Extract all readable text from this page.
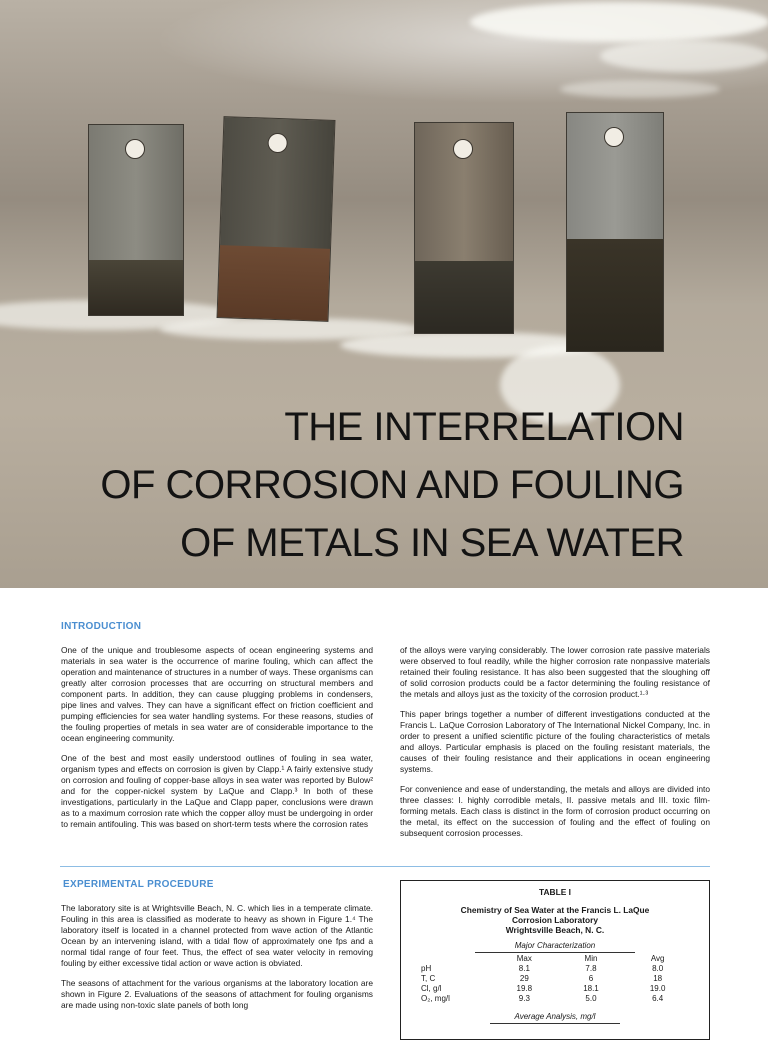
THE INTERRELATION
OF CORROSION AND FOULING
OF METALS IN SEA WATER
INTRODUCTION

One of the unique and troublesome aspects of ocean engineering systems and materials in sea water is the occurrence of marine fouling, which can affect the operation and maintenance of structures in a number of ways. These organisms can greatly alter corrosion processes that are occurring on structural members and component parts. In addition, they can cause plugging problems in condensers, pipe lines and valves. They can have a significant effect on friction coefficient and pumping efficiencies for sea water handling systems. For these reasons, studies of the fouling properties of metals in sea water are of considerable importance to the ocean engineering community.

One of the best and most easily understood outlines of fouling in sea water, organism types and effects on corrosion is given by Clapp.¹ A fairly extensive study on corrosion and fouling of copper-base alloys in sea water was reported by Bulow² and for the copper-nickel system by LaQue and Clapp.³ In both of these investigations, particularly in the LaQue and Clapp paper, conclusions were drawn as to a maximum corrosion rate which the copper alloy must be undergoing in order to remain antifouling. This was based on short-term tests where the corrosion rates

of the alloys were varying considerably. The lower corrosion rate passive materials were observed to foul readily, while the higher corrosion rate nonpassive materials retained their fouling resistance. It has also been suggested that the sloughing off of solid corrosion products could be a factor determining the fouling resistance of the metals and alloys just as the toxicity of the corrosion product.¹·³

This paper brings together a number of different investigations conducted at the Francis L. LaQue Corrosion Laboratory of The International Nickel Company, Inc. in order to present a unified scientific picture of the fouling characteristics of metals and alloys. Particular emphasis is placed on the fouling resistant materials, the causes of their fouling resistance and their applications in ocean engineering systems.

For convenience and ease of understanding, the metals and alloys are divided into three classes: I. highly corrodible metals, II. passive metals and III. toxic film-forming metals. Each class is distinct in the form of corrosion product occurring on the metal, its effect on the succession of fouling and the effect of fouling on subsequent corrosion processes.

EXPERIMENTAL PROCEDURE

The laboratory site is at Wrightsville Beach, N. C. which lies in a temperate climate. Fouling in this area is classified as moderate to heavy as shown in Figure 1.⁴ The laboratory itself is located in a channel protected from wave action of the Atlantic Ocean by an intervening island, with a tidal flow of approximately one fps and a normal tidal range of four feet. Thus, the effect of sea water velocity in removing fouling by either excessive tidal action or wave action is obviated.

The seasons of attachment for the various organisms at the laboratory location are shown in Figure 2. Evaluations of the seasons of attachment for fouling organisms are made using non-toxic slate panels of both long

TABLE I
Chemistry of Sea Water at the Francis L. LaQue
Corrosion Laboratory
Wrightsville Beach, N. C.
Major Characterization
	Max	Min	Avg
pH	8.1	7.8	8.0
T, C	29	6	18
Cl, g/l	19.8	18.1	19.0
O₂, mg/l	9.3	5.0	6.4
Average Analysis, mg/l
